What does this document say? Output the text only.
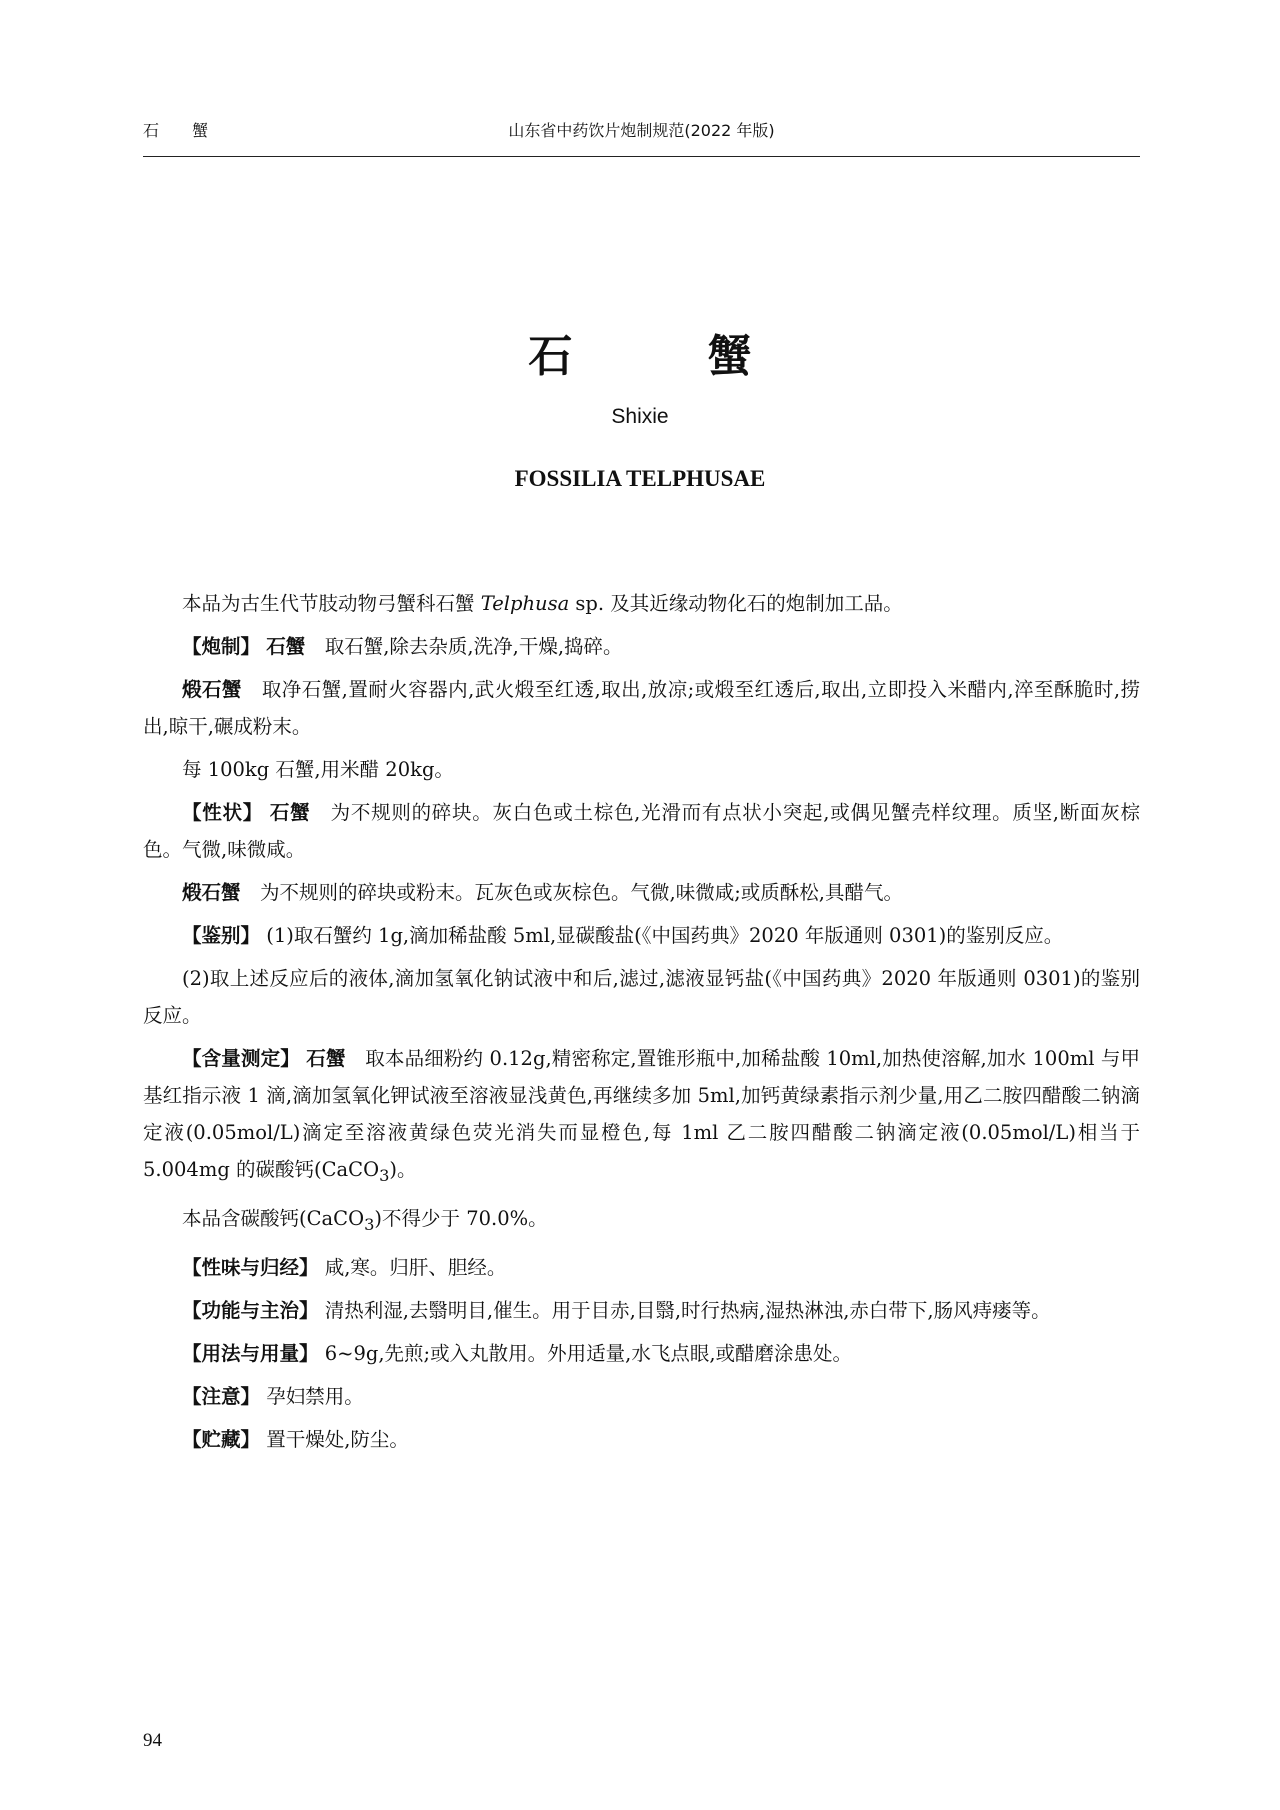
石 蟹	山东省中药饮片炮制规范(2022 年版)
石 蟹
Shixie
FOSSILIA TELPHUSAE

本品为古生代节肢动物弓蟹科石蟹 Telphusa sp. 及其近缘动物化石的炮制加工品。

【炮制】 石蟹 取石蟹,除去杂质,洗净,干燥,捣碎。

煅石蟹 取净石蟹,置耐火容器内,武火煅至红透,取出,放凉;或煅至红透后,取出,立即投入米醋内,淬至酥脆时,捞出,晾干,碾成粉末。

每 100kg 石蟹,用米醋 20kg。

【性状】 石蟹 为不规则的碎块。灰白色或土棕色,光滑而有点状小突起,或偶见蟹壳样纹理。质坚,断面灰棕色。气微,味微咸。

煅石蟹 为不规则的碎块或粉末。瓦灰色或灰棕色。气微,味微咸;或质酥松,具醋气。

【鉴别】 (1)取石蟹约 1g,滴加稀盐酸 5ml,显碳酸盐(《中国药典》2020 年版通则 0301)的鉴别反应。

(2)取上述反应后的液体,滴加氢氧化钠试液中和后,滤过,滤液显钙盐(《中国药典》2020 年版通则 0301)的鉴别反应。

【含量测定】 石蟹 取本品细粉约 0.12g,精密称定,置锥形瓶中,加稀盐酸 10ml,加热使溶解,加水 100ml 与甲基红指示液 1 滴,滴加氢氧化钾试液至溶液显浅黄色,再继续多加 5ml,加钙黄绿素指示剂少量,用乙二胺四醋酸二钠滴定液(0.05mol/L)滴定至溶液黄绿色荧光消失而显橙色,每 1ml 乙二胺四醋酸二钠滴定液(0.05mol/L)相当于 5.004mg 的碳酸钙(CaCO$_3$)。

本品含碳酸钙(CaCO$_3$)不得少于 70.0%。

【性味与归经】 咸,寒。归肝、胆经。

【功能与主治】 清热利湿,去翳明目,催生。用于目赤,目翳,时行热病,湿热淋浊,赤白带下,肠风痔瘘等。

【用法与用量】 6~9g,先煎;或入丸散用。外用适量,水飞点眼,或醋磨涂患处。

【注意】 孕妇禁用。

【贮藏】 置干燥处,防尘。

94
